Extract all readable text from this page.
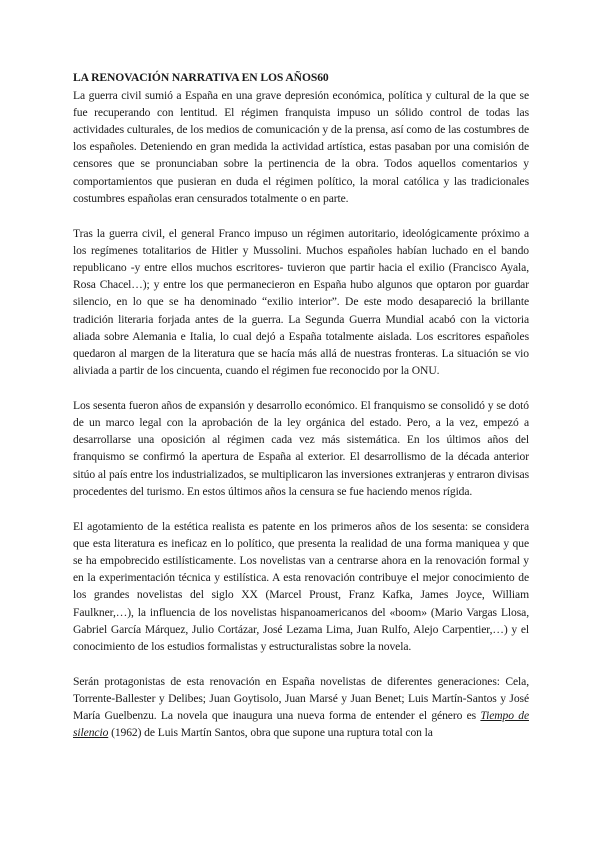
LA RENOVACIÓN NARRATIVA EN LOS AÑOS60

La guerra civil sumió a España en una grave depresión económica, política y cultural de la que se fue recuperando con lentitud. El régimen franquista impuso un sólido control de todas las actividades culturales, de los medios de comunicación y de la prensa, así como de las costumbres de los españoles. Deteniendo en gran medida la actividad artística, estas pasaban por una comisión de censores que se pronunciaban sobre la pertinencia de la obra. Todos aquellos comentarios y comportamientos que pusieran en duda el régimen político, la moral católica y las tradicionales costumbres españolas eran censurados totalmente o en parte.

Tras la guerra civil, el general Franco impuso un régimen autoritario, ideológicamente próximo a los regímenes totalitarios de Hitler y Mussolini. Muchos españoles habían luchado en el bando republicano -y entre ellos muchos escritores- tuvieron que partir hacia el exilio (Francisco Ayala, Rosa Chacel…); y entre los que permanecieron en España hubo algunos que optaron por guardar silencio, en lo que se ha denominado “exilio interior”. De este modo desapareció la brillante tradición literaria forjada antes de la guerra. La Segunda Guerra Mundial acabó con la victoria aliada sobre Alemania e Italia, lo cual dejó a España totalmente aislada. Los escritores españoles quedaron al margen de la literatura que se hacía más allá de nuestras fronteras. La situación se vio aliviada a partir de los cincuenta, cuando el régimen fue reconocido por la ONU.

Los sesenta fueron años de expansión y desarrollo económico. El franquismo se consolidó y se dotó de un marco legal con la aprobación de la ley orgánica del estado. Pero, a la vez, empezó a desarrollarse una oposición al régimen cada vez más sistemática. En los últimos años del franquismo se confirmó la apertura de España al exterior. El desarrollismo de la década anterior sitúo al país entre los industrializados, se multiplicaron las inversiones extranjeras y entraron divisas procedentes del turismo. En estos últimos años la censura se fue haciendo menos rígida.

El agotamiento de la estética realista es patente en los primeros años de los sesenta: se considera que esta literatura es ineficaz en lo político, que presenta la realidad de una forma maniquea y que se ha empobrecido estilísticamente. Los novelistas van a centrarse ahora en la renovación formal y en la experimentación técnica y estilística. A esta renovación contribuye el mejor conocimiento de los grandes novelistas del siglo XX (Marcel Proust, Franz Kafka, James Joyce, William Faulkner,…), la influencia de los novelistas hispanoamericanos del «boom» (Mario Vargas Llosa, Gabriel García Márquez, Julio Cortázar, José Lezama Lima, Juan Rulfo, Alejo Carpentier,…) y el conocimiento de los estudios formalistas y estructuralistas sobre la novela.

Serán protagonistas de esta renovación en España novelistas de diferentes generaciones: Cela, Torrente-Ballester y Delibes; Juan Goytisolo, Juan Marsé y Juan Benet; Luis Martín-Santos y José María Guelbenzu. La novela que inaugura una nueva forma de entender el género es Tiempo de silencio (1962) de Luis Martín Santos, obra que supone una ruptura total con la
